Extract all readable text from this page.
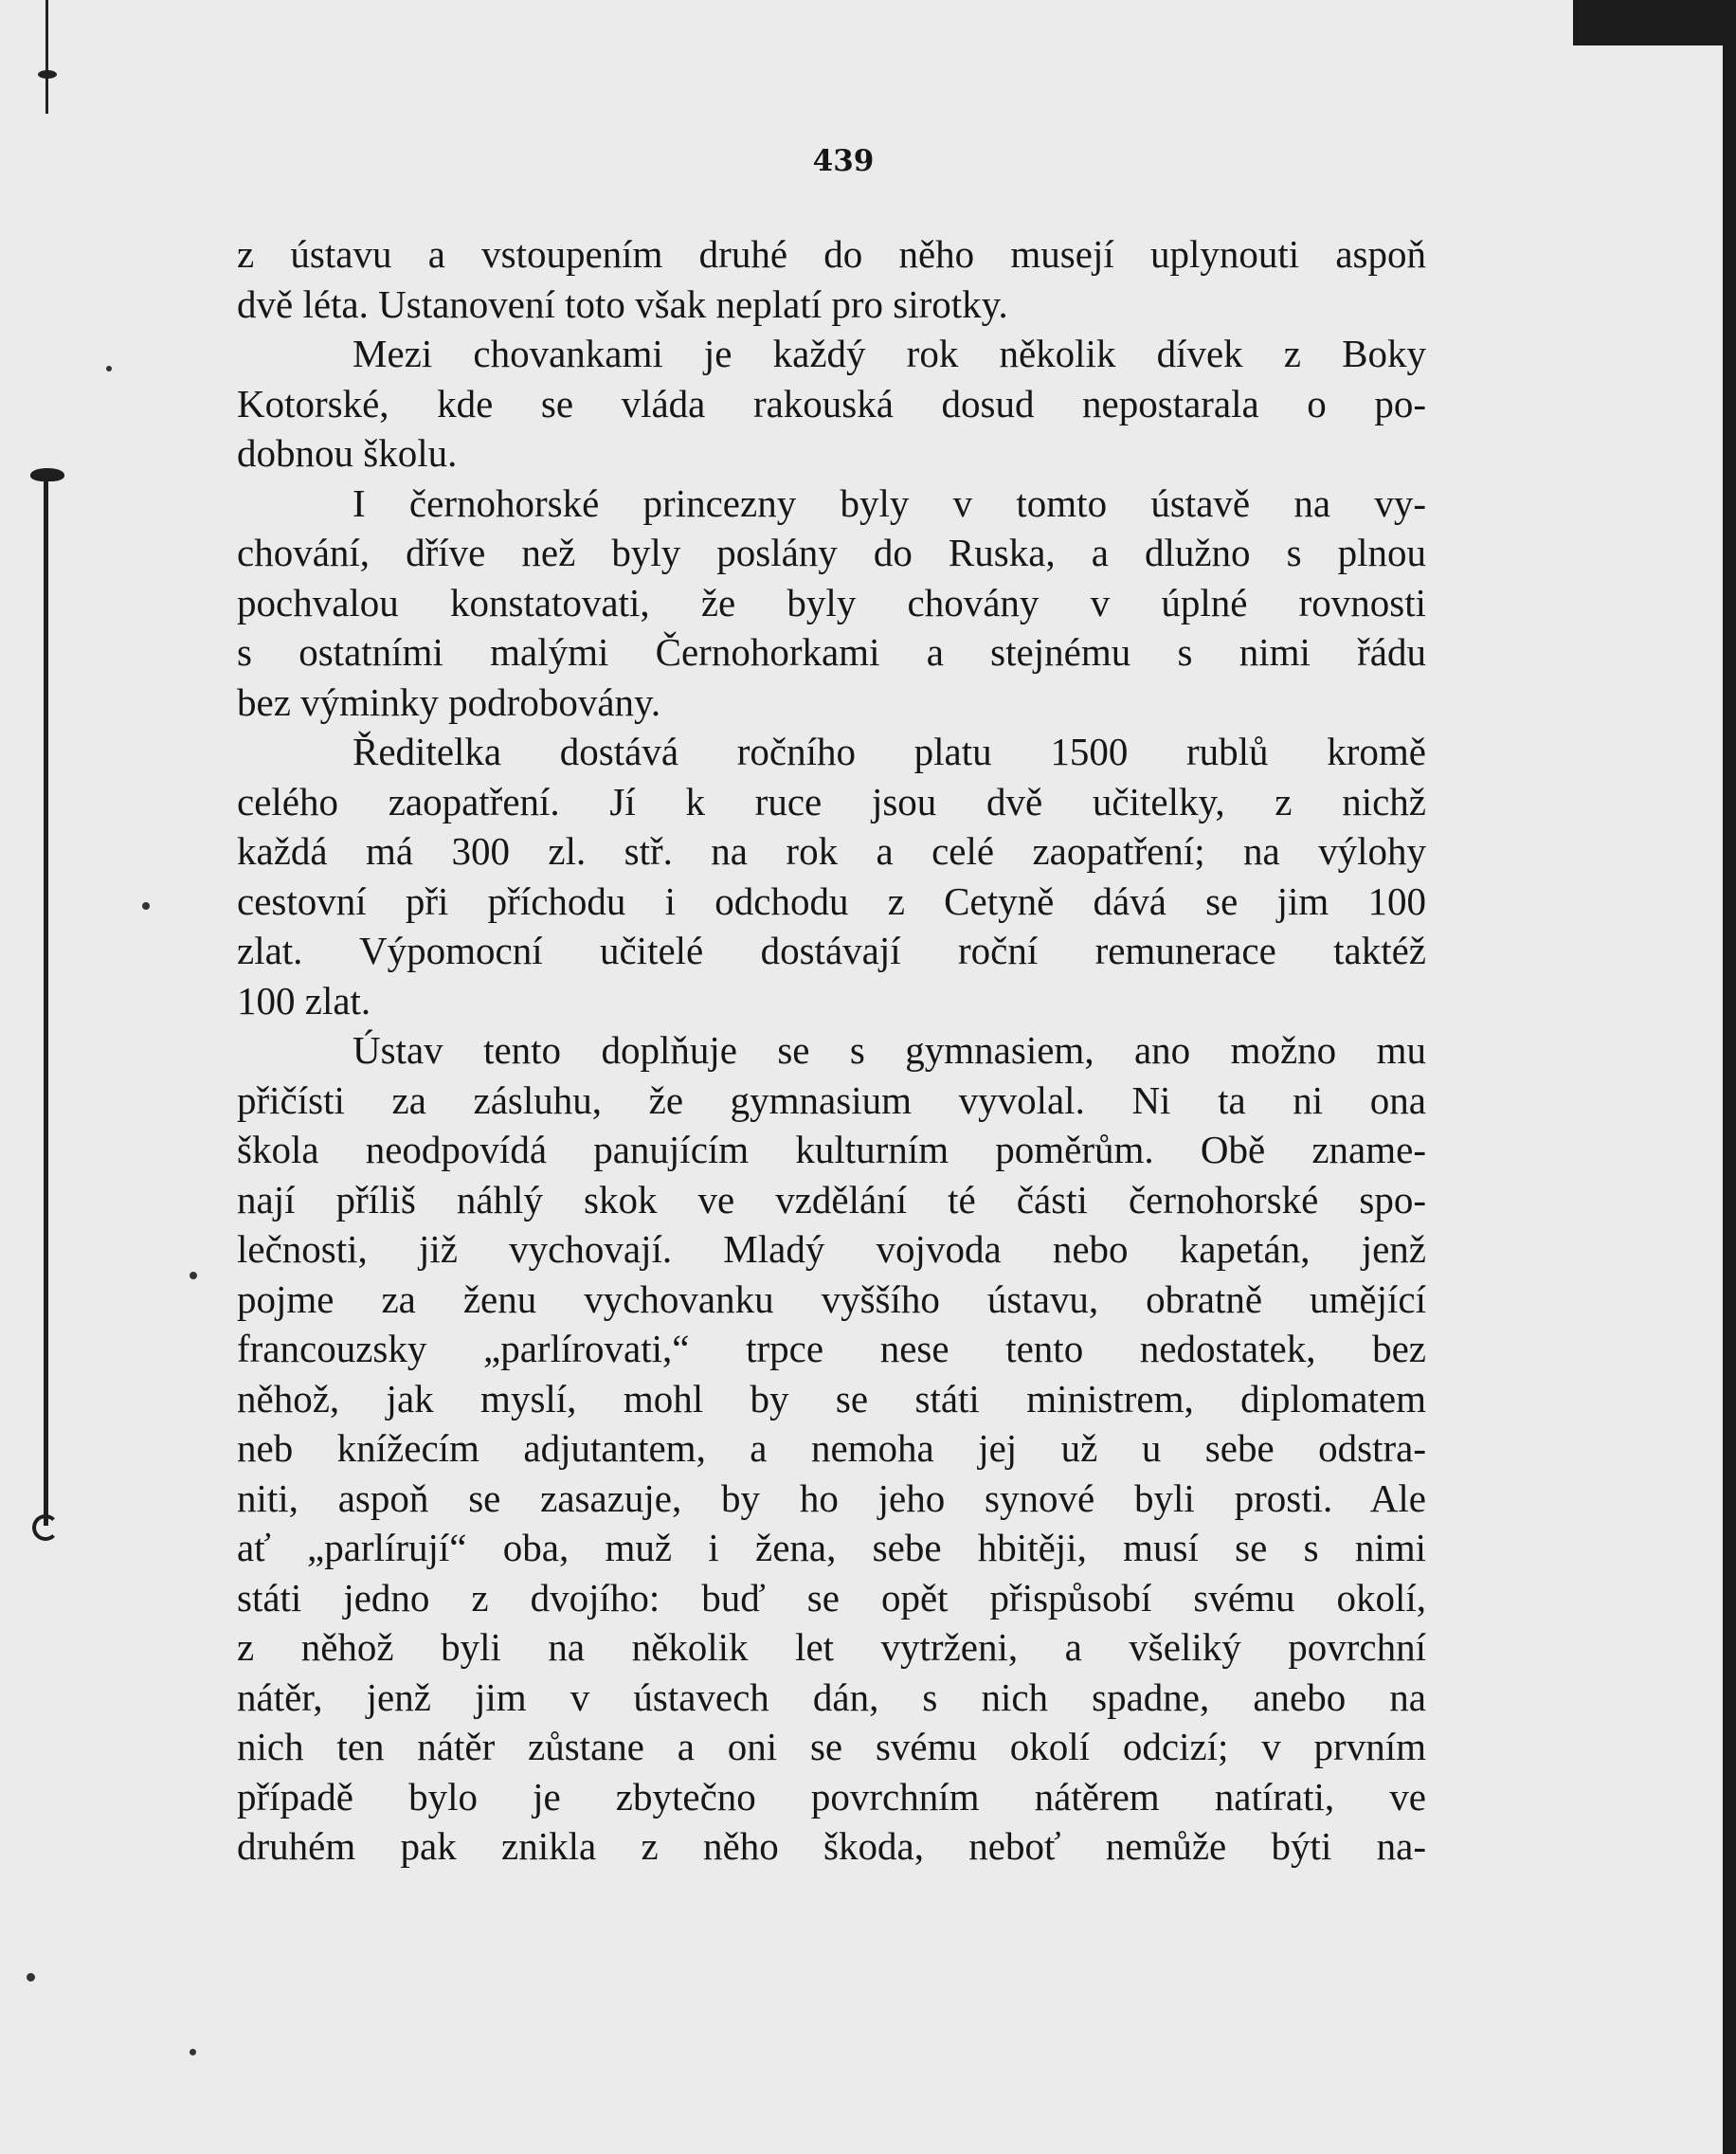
439
z ústavu a vstoupením druhé do něho musejí uplynouti aspoň
dvě léta. Ustanovení toto však neplatí pro sirotky.
Mezi chovankami je každý rok několik dívek z Boky
Kotorské, kde se vláda rakouská dosud nepostarala o po-
dobnou školu.
I černohorské princezny byly v tomto ústavě na vy-
chování, dříve než byly poslány do Ruska, a dlužno s plnou
pochvalou konstatovati, že byly chovány v úplné rovnosti
s ostatními malými Černohorkami a stejnému s nimi řádu
bez výminky podrobovány.
Ředitelka dostává ročního platu 1500 rublů kromě
celého zaopatření. Jí k ruce jsou dvě učitelky, z nichž
každá má 300 zl. stř. na rok a celé zaopatření; na výlohy
cestovní při příchodu i odchodu z Cetyně dává se jim 100
zlat. Výpomocní učitelé dostávají roční remunerace taktéž
100 zlat.
Ústav tento doplňuje se s gymnasiem, ano možno mu
přičísti za zásluhu, že gymnasium vyvolal. Ni ta ni ona
škola neodpovídá panujícím kulturním poměrům. Obě zname-
nají příliš náhlý skok ve vzdělání té části černohorské spo-
lečnosti, již vychovají. Mladý vojvoda nebo kapetán, jenž
pojme za ženu vychovanku vyššího ústavu, obratně umějící
francouzsky „parlírovati,“ trpce nese tento nedostatek, bez
něhož, jak myslí, mohl by se státi ministrem, diplomatem
neb knížecím adjutantem, a nemoha jej už u sebe odstra-
niti, aspoň se zasazuje, by ho jeho synové byli prosti. Ale
ať „parlírují“ oba, muž i žena, sebe hbitěji, musí se s nimi
státi jedno z dvojího: buď se opět přispůsobí svému okolí,
z něhož byli na několik let vytrženi, a všeliký povrchní
nátěr, jenž jim v ústavech dán, s nich spadne, anebo na
nich ten nátěr zůstane a oni se svému okolí odcizí; v prvním
případě bylo je zbytečno povrchním nátěrem natírati, ve
druhém pak znikla z něho škoda, neboť nemůže býti na-
